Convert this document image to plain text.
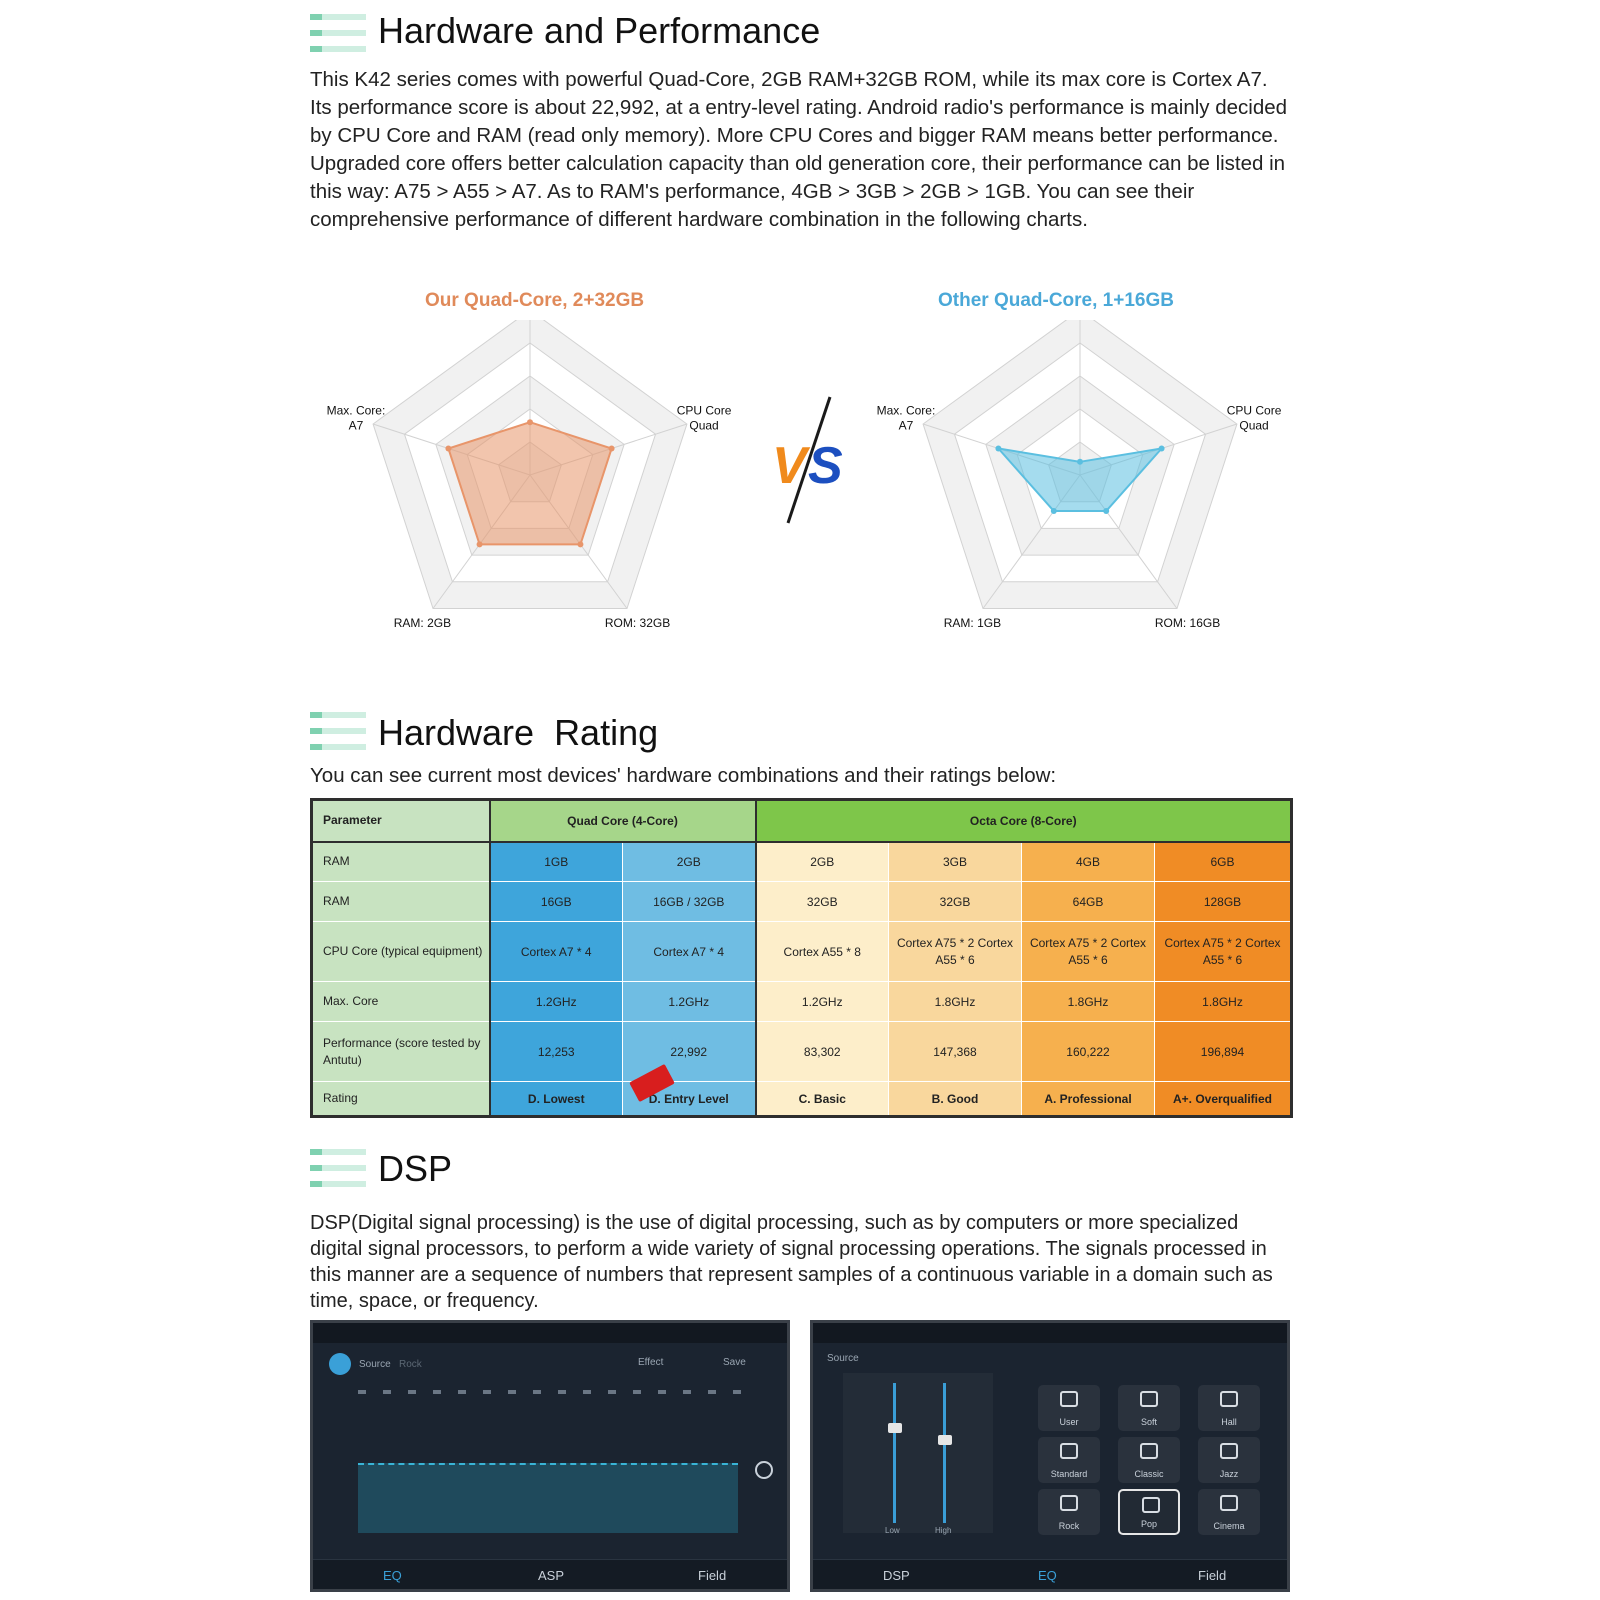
Hardware and Performance

This K42 series comes with powerful Quad-Core, 2GB RAM+32GB ROM, while its max core is Cortex A7. Its performance score is about 22,992, at a entry-level rating. Android radio's performance is mainly decided by CPU Core and RAM (read only memory). More CPU Cores and bigger RAM means better performance. Upgraded core offers better calculation capacity than old generation core, their performance can be listed in this way: A75 > A55 > A7. As to RAM's performance, 4GB > 3GB > 2GB > 1GB. You can see their comprehensive performance of different hardware combination in the following charts.

Our Quad-Core, 2+32GB	Other Quad-Core, 1+16GB
CPU Core Quad
ROM: 32GB
RAM: 2GB
Max. Core: A7
CPU Core Quad
ROM: 16GB
RAM: 1GB
Max. Core: A7
V S
Hardware  Rating

You can see current most devices' hardware combinations and their ratings below:

Parameter	Quad Core (4-Core)		Octa Core (8-Core)			
RAM	1GB	2GB	2GB	3GB	4GB	6GB
RAM	16GB	16GB / 32GB	32GB	32GB	64GB	128GB
CPU Core (typical equipment)	Cortex A7 * 4	Cortex A7 * 4	Cortex A55 * 8	Cortex A75 * 2 Cortex A55 * 6	Cortex A75 * 2 Cortex A55 * 6	Cortex A75 * 2 Cortex A55 * 6
Max. Core	1.2GHz	1.2GHz	1.2GHz	1.8GHz	1.8GHz	1.8GHz
Performance (score tested by Antutu)	12,253	22,992	83,302	147,368	160,222	196,894
Rating	D. Lowest	D. Entry Level	C. Basic	B. Good	A. Professional	A+. Overqualified
DSP

DSP(Digital signal processing) is the use of digital processing, such as by computers or more specialized digital signal processors, to perform a wide variety of signal processing operations. The signals processed in this manner are a sequence of numbers that represent samples of a continuous variable in a domain such as time, space, or frequency.

Source Rock	Effect	Save
EQ	ASP	Field
Source
Low	High
User	Soft	Hall
Standard	Classic	Jazz
Rock	Pop	Cinema
DSP	EQ	Field
